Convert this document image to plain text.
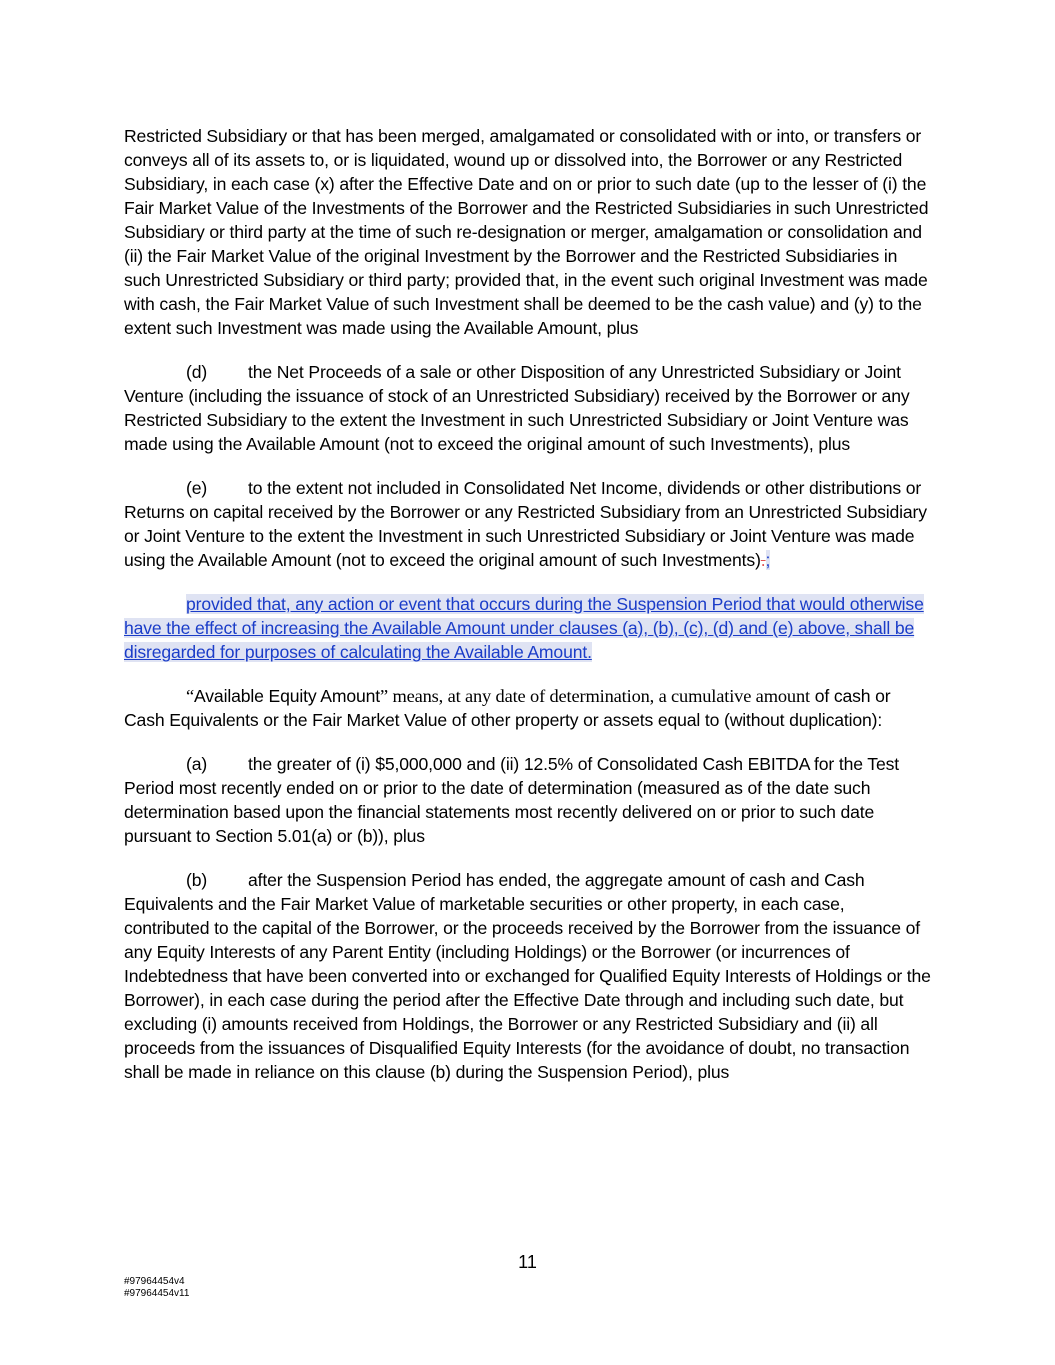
Restricted Subsidiary or that has been merged, amalgamated or consolidated with or into, or transfers or conveys all of its assets to, or is liquidated, wound up or dissolved into, the Borrower or any Restricted Subsidiary, in each case (x) after the Effective Date and on or prior to such date (up to the lesser of (i) the Fair Market Value of the Investments of the Borrower and the Restricted Subsidiaries in such Unrestricted Subsidiary or third party at the time of such re-designation or merger, amalgamation or consolidation and (ii) the Fair Market Value of the original Investment by the Borrower and the Restricted Subsidiaries in such Unrestricted Subsidiary or third party; provided that, in the event such original Investment was made with cash, the Fair Market Value of such Investment shall be deemed to be the cash value) and (y) to the extent such Investment was made using the Available Amount, plus

(d) the Net Proceeds of a sale or other Disposition of any Unrestricted Subsidiary or Joint Venture (including the issuance of stock of an Unrestricted Subsidiary) received by the Borrower or any Restricted Subsidiary to the extent the Investment in such Unrestricted Subsidiary or Joint Venture was made using the Available Amount (not to exceed the original amount of such Investments), plus

(e) to the extent not included in Consolidated Net Income, dividends or other distributions or Returns on capital received by the Borrower or any Restricted Subsidiary from an Unrestricted Subsidiary or Joint Venture to the extent the Investment in such Unrestricted Subsidiary or Joint Venture was made using the Available Amount (not to exceed the original amount of such Investments).;

provided that, any action or event that occurs during the Suspension Period that would otherwise have the effect of increasing the Available Amount under clauses (a), (b), (c), (d) and (e) above, shall be disregarded for purposes of calculating the Available Amount.

“Available Equity Amount” means, at any date of determination, a cumulative amount of cash or Cash Equivalents or the Fair Market Value of other property or assets equal to (without duplication):

(a) the greater of (i) $5,000,000 and (ii) 12.5% of Consolidated Cash EBITDA for the Test Period most recently ended on or prior to the date of determination (measured as of the date such determination based upon the financial statements most recently delivered on or prior to such date pursuant to Section 5.01(a) or (b)), plus

(b) after the Suspension Period has ended, the aggregate amount of cash and Cash Equivalents and the Fair Market Value of marketable securities or other property, in each case, contributed to the capital of the Borrower, or the proceeds received by the Borrower from the issuance of any Equity Interests of any Parent Entity (including Holdings) or the Borrower (or incurrences of Indebtedness that have been converted into or exchanged for Qualified Equity Interests of Holdings or the Borrower), in each case during the period after the Effective Date through and including such date, but excluding (i) amounts received from Holdings, the Borrower or any Restricted Subsidiary and (ii) all proceeds from the issuances of Disqualified Equity Interests (for the avoidance of doubt, no transaction shall be made in reliance on this clause (b) during the Suspension Period), plus

11
#97964454v4
#97964454v11
